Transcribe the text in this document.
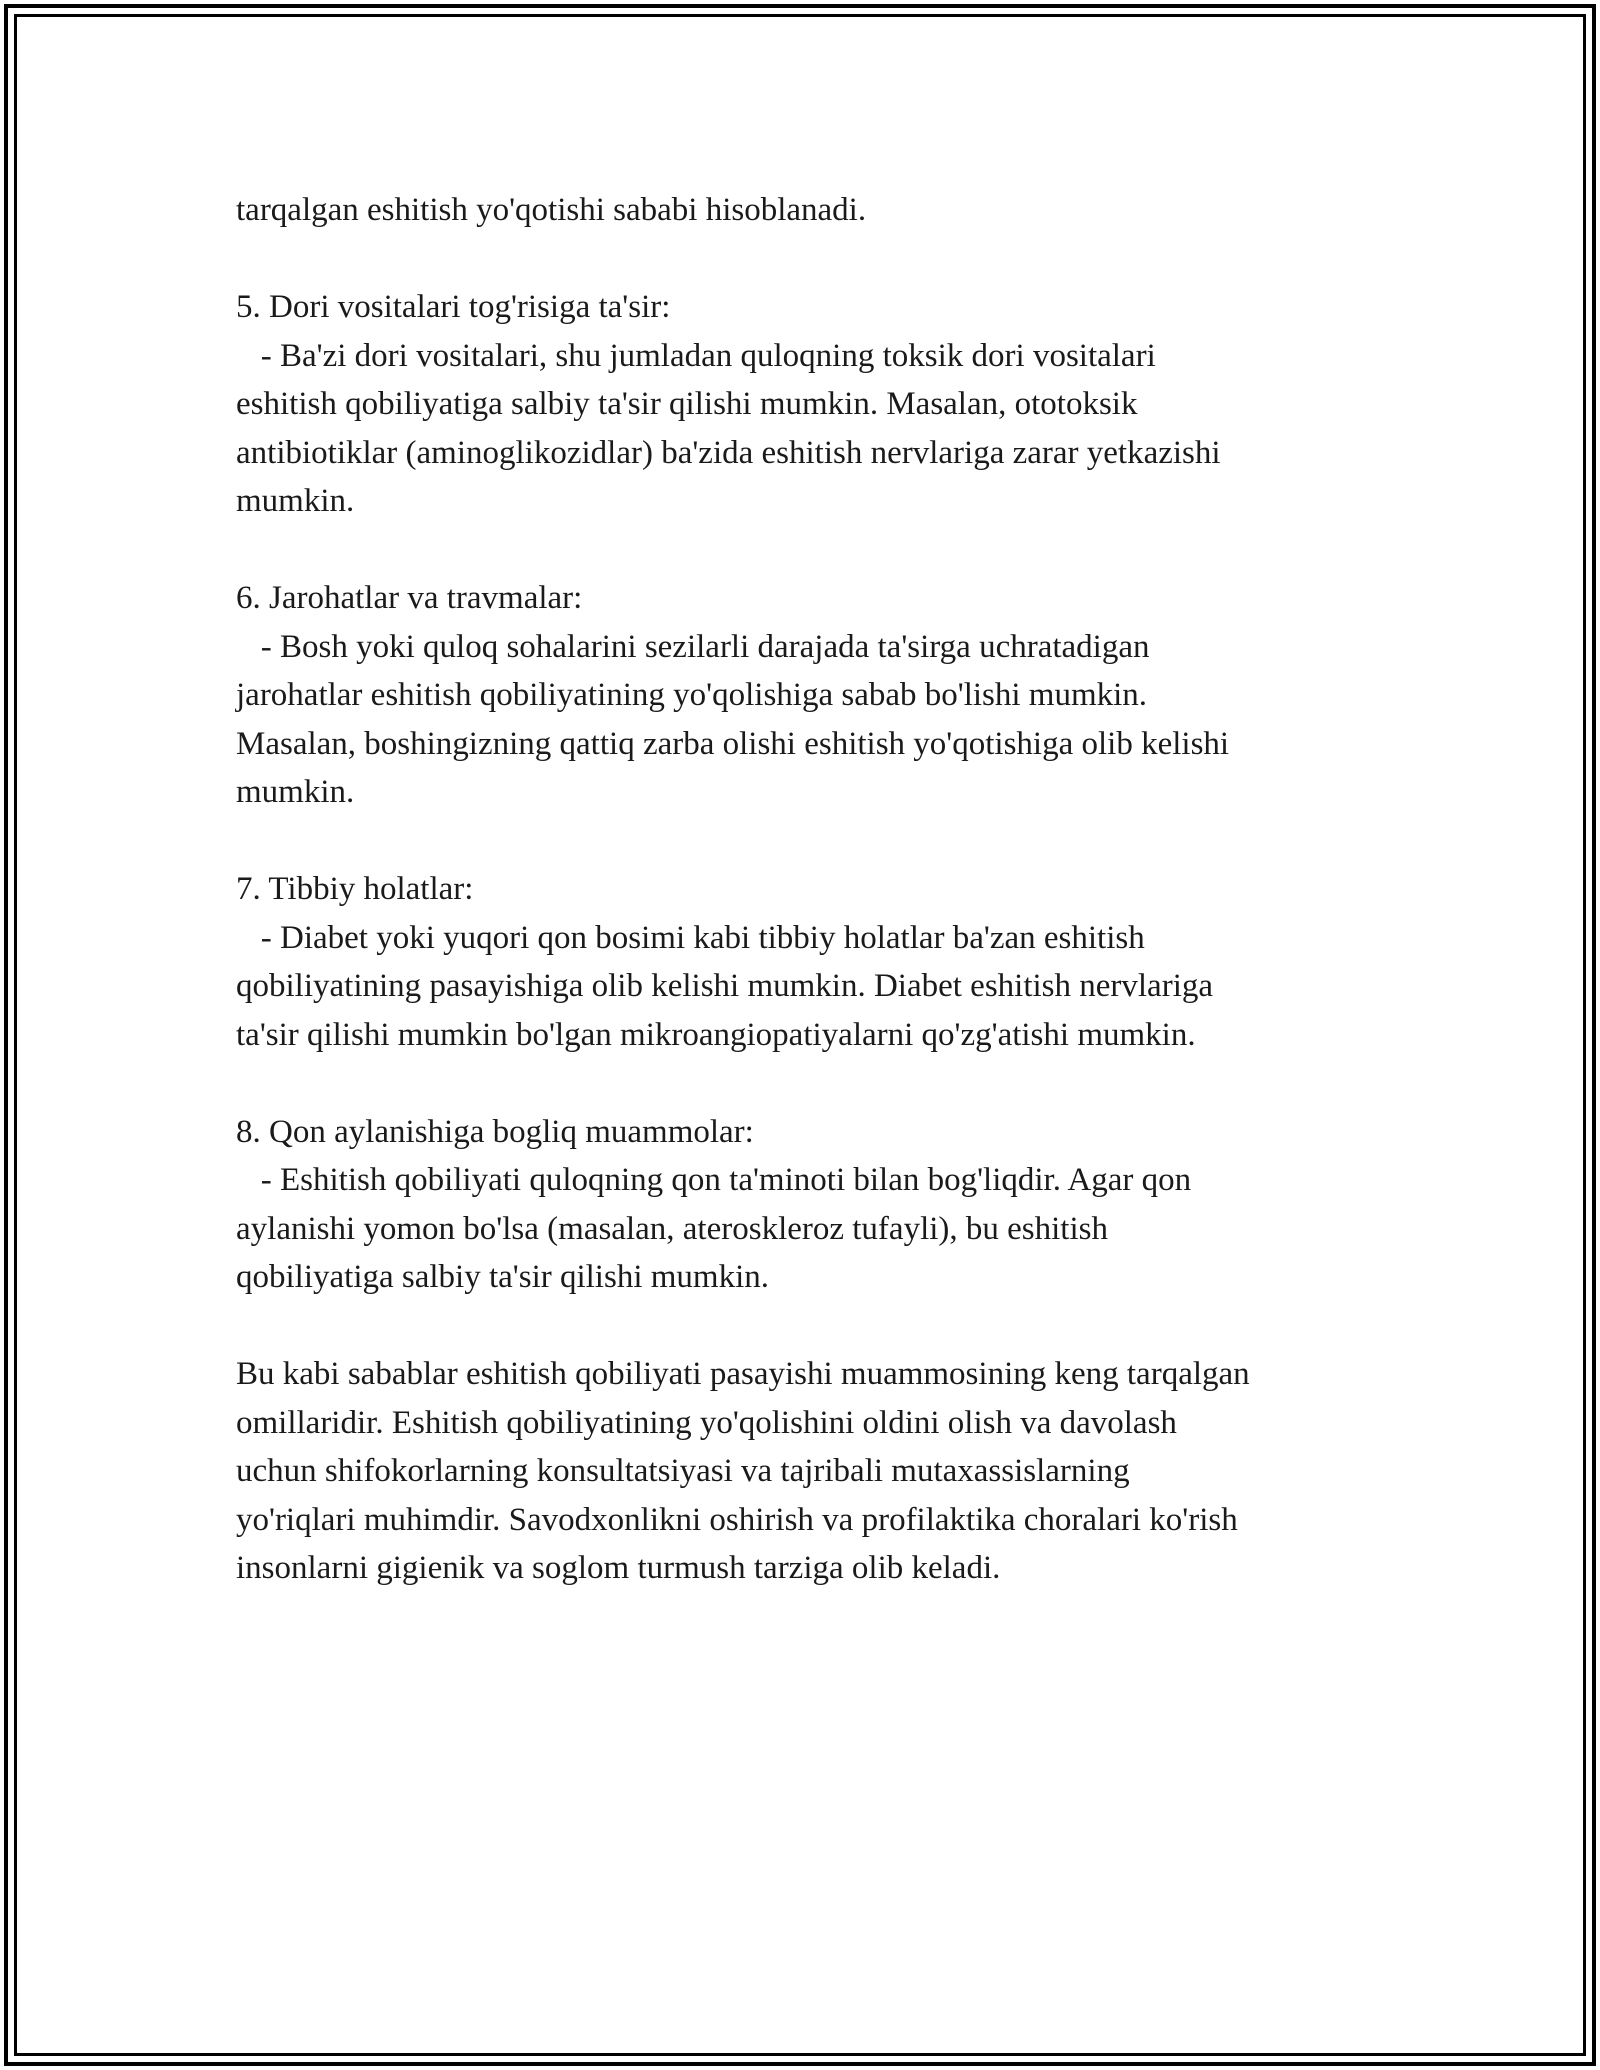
tarqalgan eshitish yo'qotishi sababi hisoblanadi.

5. Dori vositalari tog'risiga ta'sir:

- Ba'zi dori vositalari, shu jumladan quloqning toksik dori vositalari

eshitish qobiliyatiga salbiy ta'sir qilishi mumkin. Masalan, ototoksik

antibiotiklar (aminoglikozidlar) ba'zida eshitish nervlariga zarar yetkazishi

mumkin.

6. Jarohatlar va travmalar:

- Bosh yoki quloq sohalarini sezilarli darajada ta'sirga uchratadigan

jarohatlar eshitish qobiliyatining yo'qolishiga sabab bo'lishi mumkin.

Masalan, boshingizning qattiq zarba olishi eshitish yo'qotishiga olib kelishi

mumkin.

7. Tibbiy holatlar:

- Diabet yoki yuqori qon bosimi kabi tibbiy holatlar ba'zan eshitish

qobiliyatining pasayishiga olib kelishi mumkin. Diabet eshitish nervlariga

ta'sir qilishi mumkin bo'lgan mikroangiopatiyalarni qo'zg'atishi mumkin.

8. Qon aylanishiga bogliq muammolar:

- Eshitish qobiliyati quloqning qon ta'minoti bilan bog'liqdir. Agar qon

aylanishi yomon bo'lsa (masalan, ateroskleroz tufayli), bu eshitish

qobiliyatiga salbiy ta'sir qilishi mumkin.

Bu kabi sabablar eshitish qobiliyati pasayishi muammosining keng tarqalgan

omillaridir. Eshitish qobiliyatining yo'qolishini oldini olish va davolash

uchun shifokorlarning konsultatsiyasi va tajribali mutaxassislarning

yo'riqlari muhimdir. Savodxonlikni oshirish va profilaktika choralari ko'rish

insonlarni gigienik va soglom turmush tarziga olib keladi.
